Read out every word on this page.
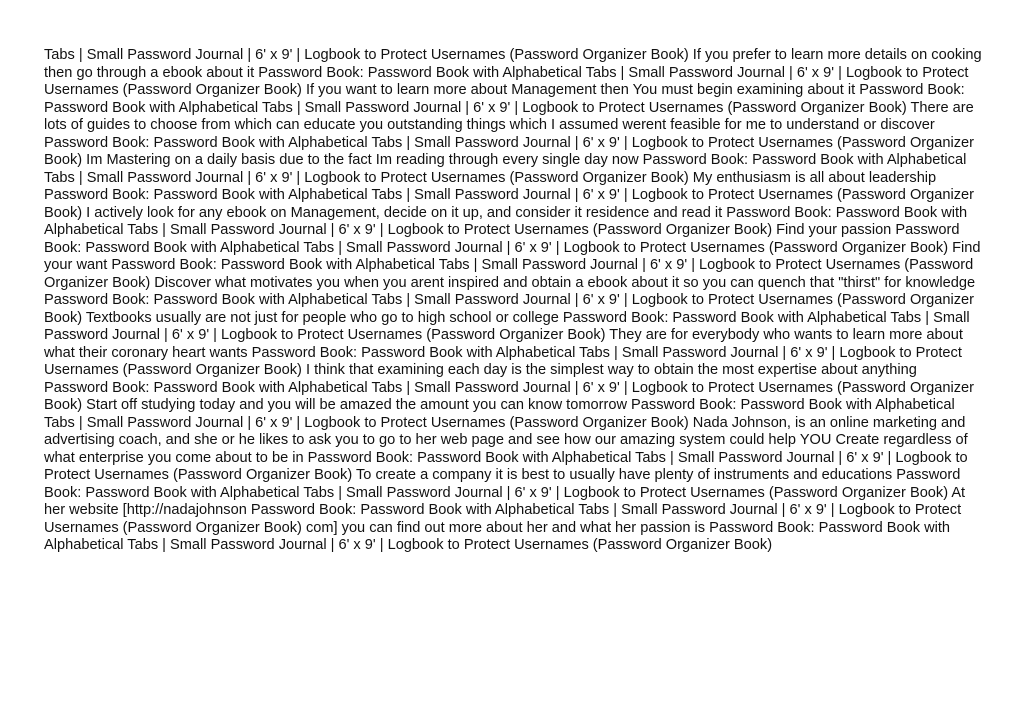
Tabs | Small Password Journal | 6' x 9' | Logbook to Protect Usernames (Password Organizer Book) If you prefer to learn more details on cooking then go through a ebook about it Password Book: Password Book with Alphabetical Tabs | Small Password Journal | 6' x 9' | Logbook to Protect Usernames (Password Organizer Book) If you want to learn more about Management then You must begin examining about it Password Book: Password Book with Alphabetical Tabs | Small Password Journal | 6' x 9' | Logbook to Protect Usernames (Password Organizer Book) There are lots of guides to choose from which can educate you outstanding things which I assumed werent feasible for me to understand or discover Password Book: Password Book with Alphabetical Tabs | Small Password Journal | 6' x 9' | Logbook to Protect Usernames (Password Organizer Book) Im Mastering on a daily basis due to the fact Im reading through every single day now Password Book: Password Book with Alphabetical Tabs | Small Password Journal | 6' x 9' | Logbook to Protect Usernames (Password Organizer Book) My enthusiasm is all about leadership Password Book: Password Book with Alphabetical Tabs | Small Password Journal | 6' x 9' | Logbook to Protect Usernames (Password Organizer Book) I actively look for any ebook on Management, decide on it up, and consider it residence and read it Password Book: Password Book with Alphabetical Tabs | Small Password Journal | 6' x 9' | Logbook to Protect Usernames (Password Organizer Book) Find your passion Password Book: Password Book with Alphabetical Tabs | Small Password Journal | 6' x 9' | Logbook to Protect Usernames (Password Organizer Book) Find your want Password Book: Password Book with Alphabetical Tabs | Small Password Journal | 6' x 9' | Logbook to Protect Usernames (Password Organizer Book) Discover what motivates you when you arent inspired and obtain a ebook about it so you can quench that "thirst" for knowledge Password Book: Password Book with Alphabetical Tabs | Small Password Journal | 6' x 9' | Logbook to Protect Usernames (Password Organizer Book) Textbooks usually are not just for people who go to high school or college Password Book: Password Book with Alphabetical Tabs | Small Password Journal | 6' x 9' | Logbook to Protect Usernames (Password Organizer Book) They are for everybody who wants to learn more about what their coronary heart wants Password Book: Password Book with Alphabetical Tabs | Small Password Journal | 6' x 9' | Logbook to Protect Usernames (Password Organizer Book) I think that examining each day is the simplest way to obtain the most expertise about anything Password Book: Password Book with Alphabetical Tabs | Small Password Journal | 6' x 9' | Logbook to Protect Usernames (Password Organizer Book) Start off studying today and you will be amazed the amount you can know tomorrow Password Book: Password Book with Alphabetical Tabs | Small Password Journal | 6' x 9' | Logbook to Protect Usernames (Password Organizer Book) Nada Johnson, is an online marketing and advertising coach, and she or he likes to ask you to go to her web page and see how our amazing system could help YOU Create regardless of what enterprise you come about to be in Password Book: Password Book with Alphabetical Tabs | Small Password Journal | 6' x 9' | Logbook to Protect Usernames (Password Organizer Book) To create a company it is best to usually have plenty of instruments and educations Password Book: Password Book with Alphabetical Tabs | Small Password Journal | 6' x 9' | Logbook to Protect Usernames (Password Organizer Book) At her website [http://nadajohnson Password Book: Password Book with Alphabetical Tabs | Small Password Journal | 6' x 9' | Logbook to Protect Usernames (Password Organizer Book) com] you can find out more about her and what her passion is Password Book: Password Book with Alphabetical Tabs | Small Password Journal | 6' x 9' | Logbook to Protect Usernames (Password Organizer Book)
